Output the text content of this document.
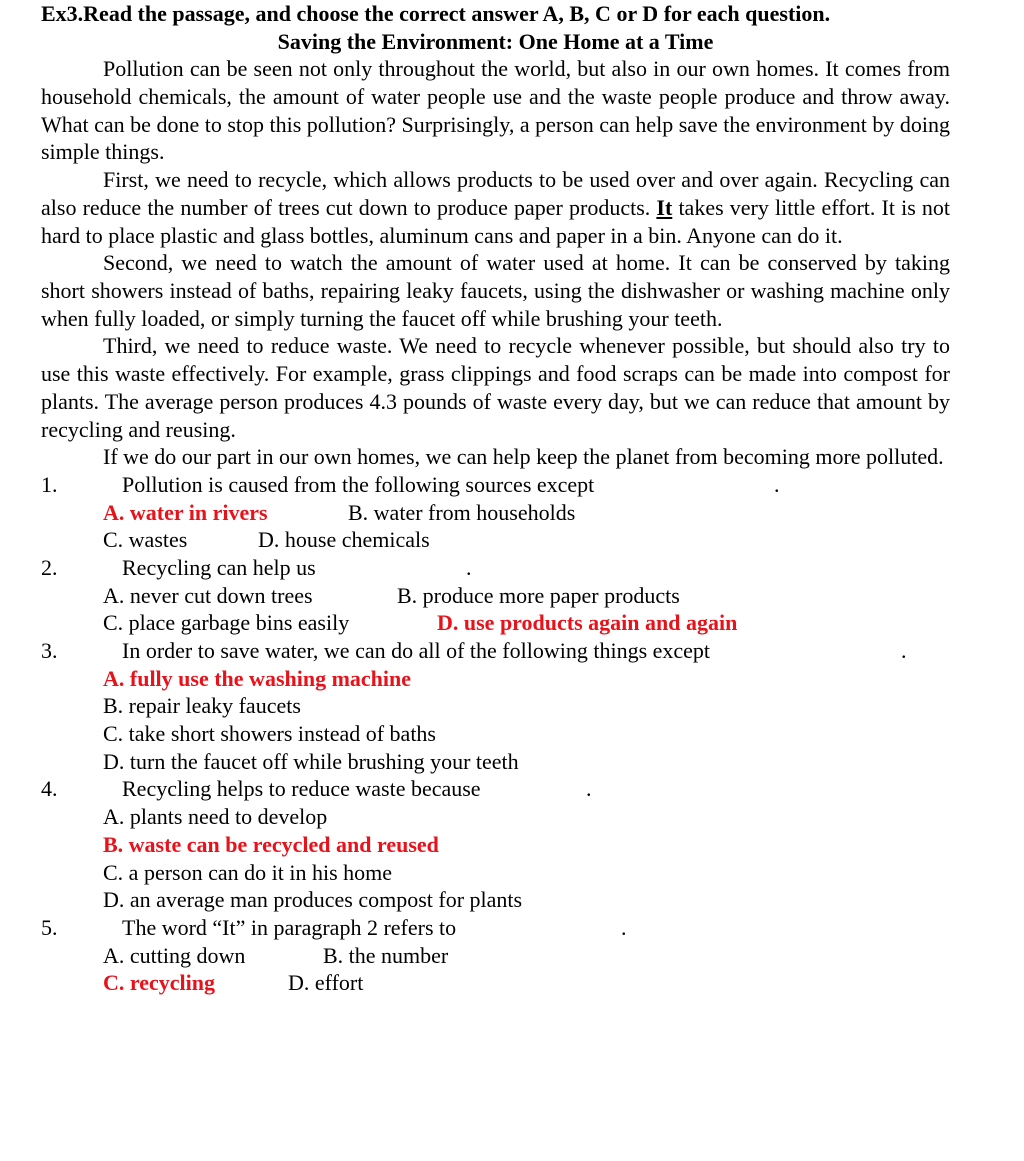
Ex3.Read the passage, and choose the correct answer A, B, C or D for each question.
Saving the Environment: One Home at a Time

Pollution can be seen not only throughout the world, but also in our own homes. It comes from household chemicals, the amount of water people use and the waste people produce and throw away. What can be done to stop this pollution? Surprisingly, a person can help save the environment by doing simple things.

First, we need to recycle, which allows products to be used over and over again. Recycling can also reduce the number of trees cut down to produce paper products. It takes very little effort. It is not hard to place plastic and glass bottles, aluminum cans and paper in a bin. Anyone can do it.

Second, we need to watch the amount of water used at home. It can be conserved by taking short showers instead of baths, repairing leaky faucets, using the dishwasher or washing machine only when fully loaded, or simply turning the faucet off while brushing your teeth.

Third, we need to reduce waste. We need to recycle whenever possible, but should also try to use this waste effectively. For example, grass clippings and food scraps can be made into compost for plants. The average person produces 4.3 pounds of waste every day, but we can reduce that amount by recycling and reusing.

If we do our part in our own homes, we can help keep the planet from becoming more polluted.

1.	Pollution is caused from the following sources except	.
A. water in rivers	B. water from households
C. wastes	D. house chemicals
2.	Recycling can help us	.
A. never cut down trees	B. produce more paper products
C. place garbage bins easily	D. use products again and again
3.	In order to save water, we can do all of the following things except	.
A. fully use the washing machine
B. repair leaky faucets
C. take short showers instead of baths
D. turn the faucet off while brushing your teeth
4.	Recycling helps to reduce waste because	.
A. plants need to develop
B. waste can be recycled and reused
C. a person can do it in his home
D. an average man produces compost for plants
5.	The word “It” in paragraph 2 refers to	.
A. cutting down	B. the number
C. recycling	D. effort
